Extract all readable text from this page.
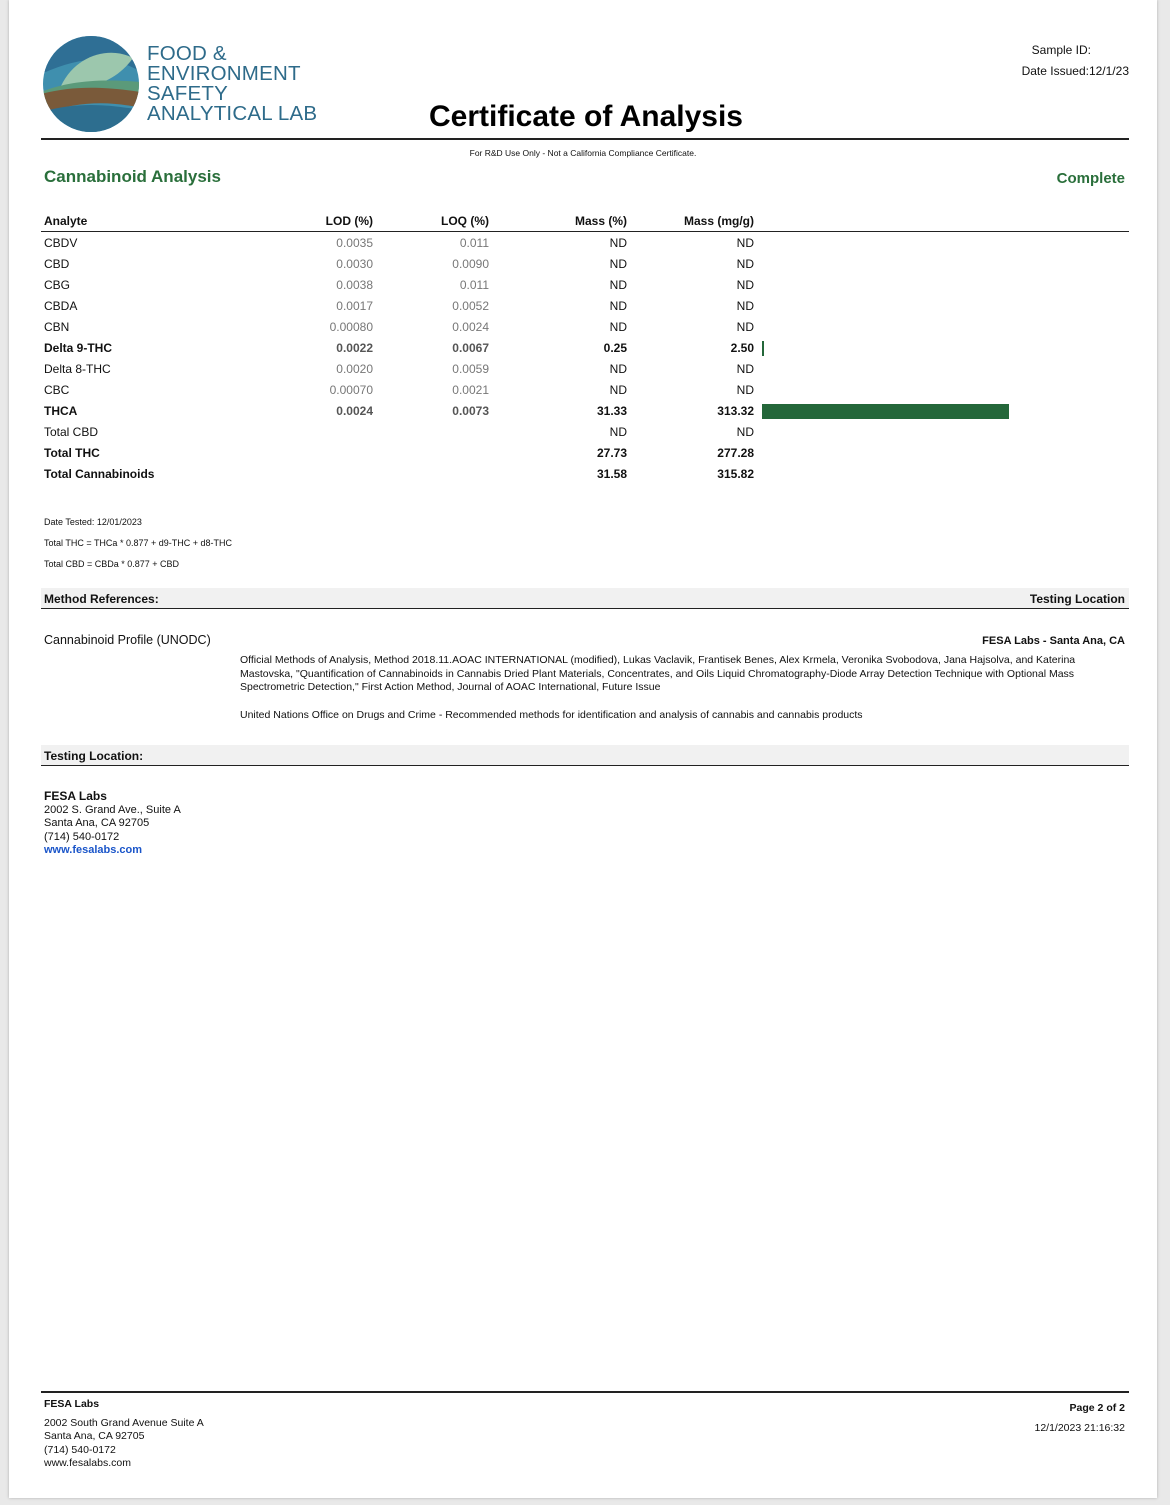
FOOD &
ENVIRONMENT
SAFETY
ANALYTICAL LAB	Certificate of Analysis
Sample ID:
Date Issued:12/1/23
For R&D Use Only - Not a California Compliance Certificate.
Cannabinoid Analysis	Complete
Analyte	LOD (%)	LOQ (%)	Mass (%)	Mass (mg/g)	
CBDV	0.0035	0.011	ND	ND	
CBD	0.0030	0.0090	ND	ND	
CBG	0.0038	0.011	ND	ND	
CBDA	0.0017	0.0052	ND	ND	
CBN	0.00080	0.0024	ND	ND	
Delta 9-THC	0.0022	0.0067	0.25	2.50	

Delta 8-THC	0.0020	0.0059	ND	ND	
CBC	0.00070	0.0021	ND	ND	
THCA	0.0024	0.0073	31.33	313.32	

Total CBD			ND	ND	
Total THC			27.73	277.28	
Total Cannabinoids			31.58	315.82	
Date Tested: 12/01/2023
Total THC = THCa * 0.877 + d9-THC + d8-THC
Total CBD = CBDa * 0.877 + CBD
Method References:	Testing Location
Cannabinoid Profile (UNODC)	FESA Labs - Santa Ana, CA
Official Methods of Analysis, Method 2018.11.AOAC INTERNATIONAL (modified), Lukas Vaclavik, Frantisek Benes, Alex Krmela, Veronika Svobodova, Jana Hajsolva, and Katerina Mastovska, "Quantification of Cannabinoids in Cannabis Dried Plant Materials, Concentrates, and Oils Liquid Chromatography-Diode Array Detection Technique with Optional Mass Spectrometric Detection," First Action Method, Journal of AOAC International, Future Issue
United Nations Office on Drugs and Crime - Recommended methods for identification and analysis of cannabis and cannabis products
Testing Location:
FESA Labs
2002 S. Grand Ave., Suite A
Santa Ana, CA 92705
(714) 540-0172
www.fesalabs.com
FESA Labs
2002 South Grand Avenue Suite A
Santa Ana, CA 92705
(714) 540-0172
www.fesalabs.com
Page 2 of 2
12/1/2023 21:16:32
